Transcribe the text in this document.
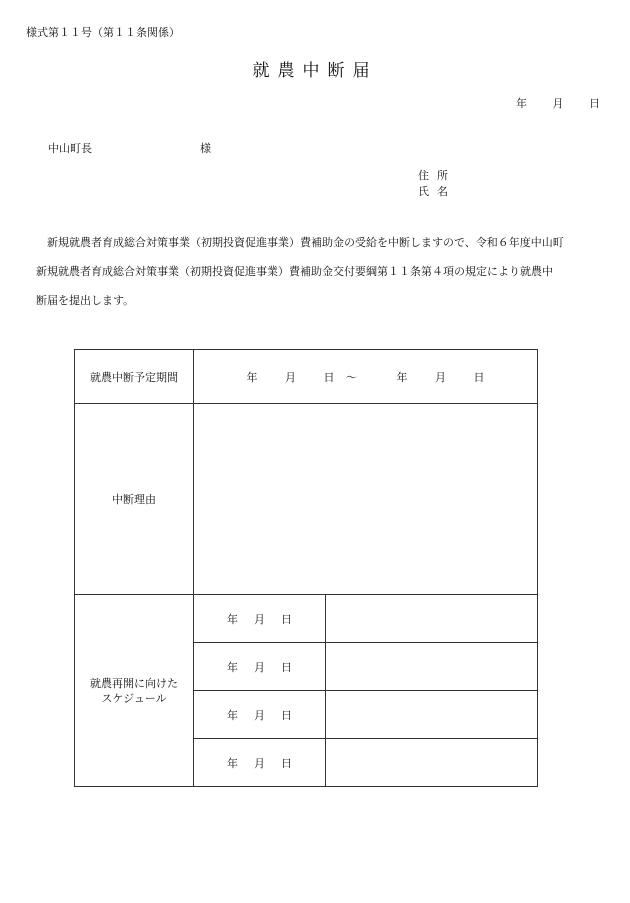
様式第１１号（第１１条関係）
就農中断届
年 月 日
中山町長	様
住 所
氏 名

新規就農者育成総合対策事業（初期投資促進事業）費補助金の受給を中断しますので、令和６年度中山町

新規就農者育成総合対策事業（初期投資促進事業）費補助金交付要綱第１１条第４項の規定により就農中

断届を提出します。

就農中断予定期間	年 月 日 ～ 年 月 日	
中断理由		

就農再開に向けた
スケジュール	年 月 日	
	年 月 日	
	年 月 日	
	年 月 日	
